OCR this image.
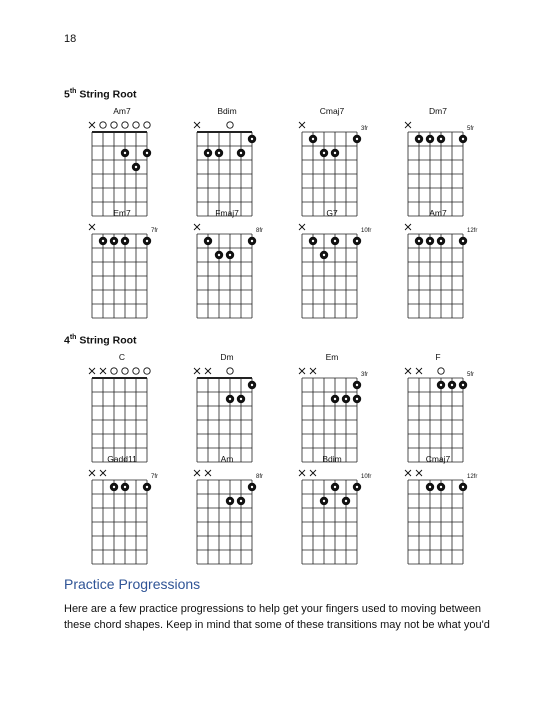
18
5th String Root
4th String Root
Am7	Bdim	Cmaj7
3fr
Dm7
5fr
Em7
7fr
Fmaj7
8fr
G7
10fr
Am7
12fr
C	Dm	Em
3fr
F
5fr
Gadd11
7fr
Am
8fr
Bdim
10fr
Cmaj7
12fr
Practice Progressions
Here are a few practice progressions to help get your fingers used to moving between these chord shapes. Keep in mind that some of these transitions may not be what you'd
